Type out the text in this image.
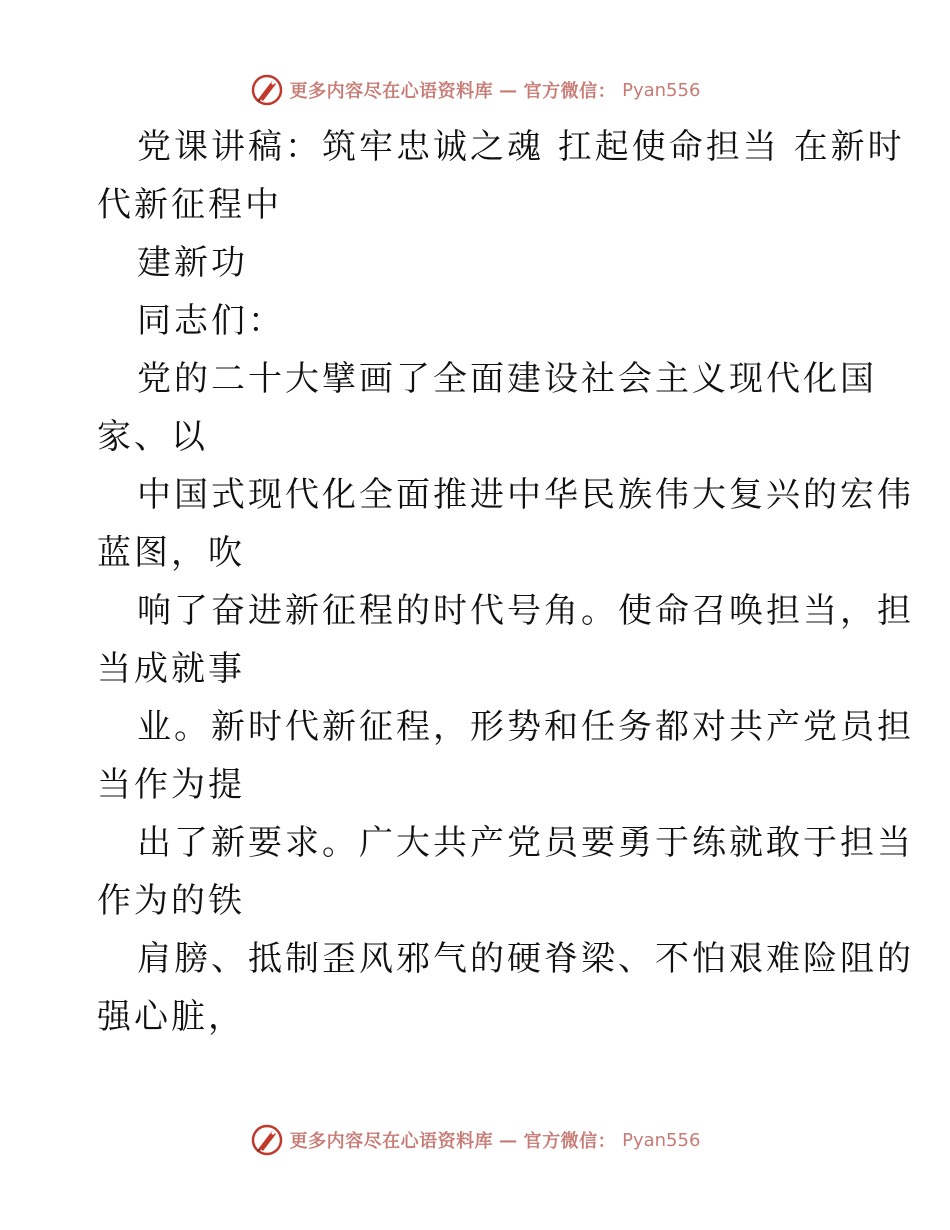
更多内容尽在心语资料库 — 官方微信： Pyan556
党课讲稿：筑牢忠诚之魂 扛起使命担当 在新时
代新征程中
建新功
同志们：
党的二十大擘画了全面建设社会主义现代化国
家、以
中国式现代化全面推进中华民族伟大复兴的宏伟
蓝图，吹
响了奋进新征程的时代号角。使命召唤担当，担
当成就事
业。新时代新征程，形势和任务都对共产党员担
当作为提
出了新要求。广大共产党员要勇于练就敢于担当
作为的铁
肩膀、抵制歪风邪气的硬脊梁、不怕艰难险阻的
强心脏，
更多内容尽在心语资料库 — 官方微信： Pyan556
